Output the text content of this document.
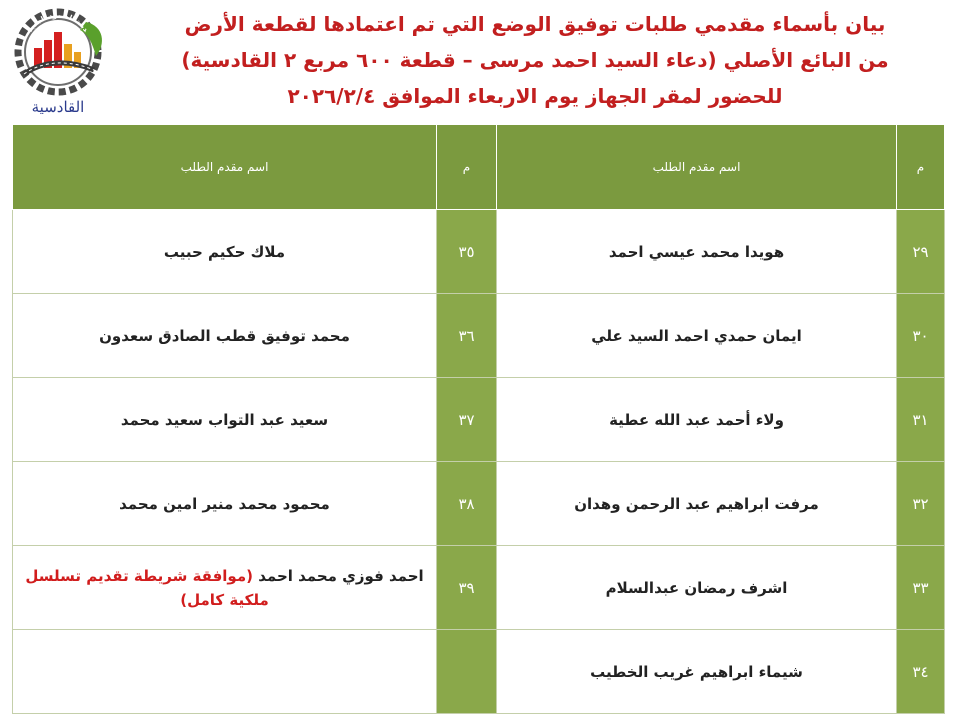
دينة الصمود الجديد
القادسية
بيان بأسماء مقدمي طلبات توفيق الوضع التي تم اعتمادها لقطعة الأرض
من البائع الأصلي (دعاء السيد احمد مرسى – قطعة ٦٠٠ مربع ٢ القادسية)
للحضور لمقر الجهاز يوم الاربعاء الموافق ٢٠٢٦/٢/٤
م	اسم مقدم الطلب	م	اسم مقدم الطلب
٢٩	هويدا محمد عيسي احمد	٣٥	ملاك حكيم حبيب
٣٠	ايمان حمدي احمد السيد علي	٣٦	محمد توفيق قطب الصادق سعدون
٣١	ولاء أحمد عبد الله عطية	٣٧	سعيد عبد التواب سعيد محمد
٣٢	مرفت ابراهيم عبد الرحمن وهدان	٣٨	محمود محمد منير امين محمد
٣٣	اشرف رمضان عبدالسلام	٣٩	احمد فوزي محمد احمد (موافقة شريطة تقديم تسلسل ملكية كامل)
٣٤	شيماء ابراهيم غريب الخطيب		
